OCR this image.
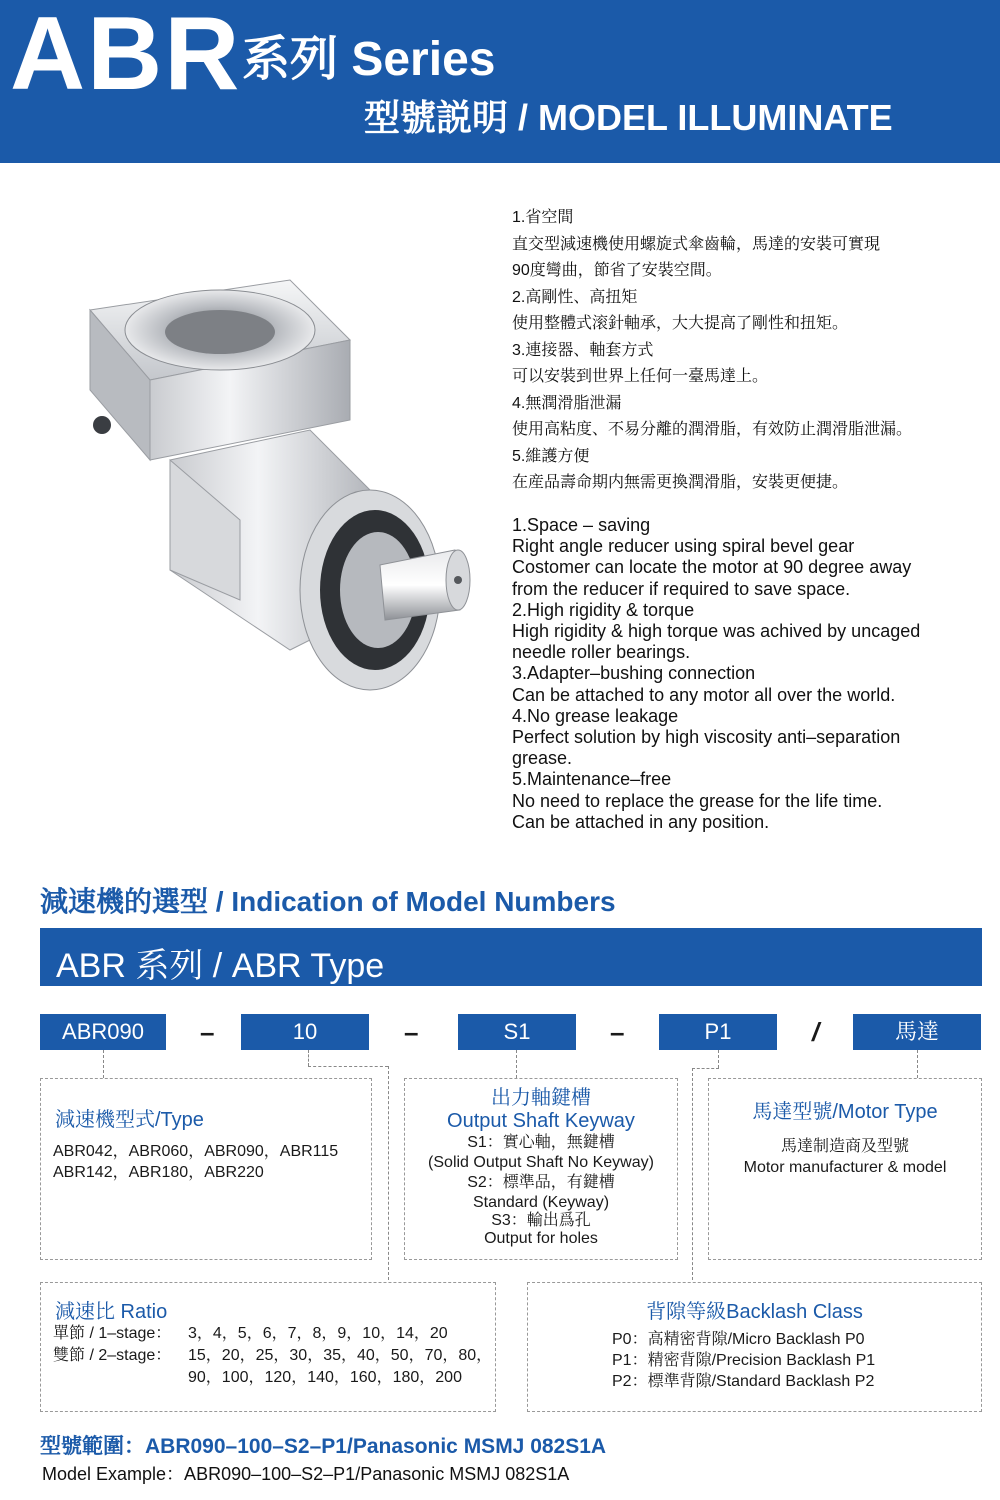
ABR 系列 Series
型號説明 / MODEL ILLUMINATE
1.省空間
直交型減速機使用螺旋式傘齒輪，馬達的安裝可實現
90度彎曲，節省了安裝空間。
2.高剛性、高扭矩
使用整體式滚針軸承，大大提高了剛性和扭矩。
3.連接器、軸套方式
可以安裝到世界上任何一臺馬達上。
4.無潤滑脂泄漏
使用高粘度、不易分離的潤滑脂，有效防止潤滑脂泄漏。
5.維護方便
在産品壽命期内無需更換潤滑脂，安裝更便捷。
1.Space – saving
Right angle reducer using spiral bevel gear
Costomer can locate the motor at 90 degree away
from the reducer if required to save space.
2.High rigidity & torque
High rigidity & high torque was achived by uncaged
needle roller bearings.
3.Adapter–bushing connection
Can be attached to any motor all over the world.
4.No grease leakage
Perfect solution by high viscosity anti–separation
grease.
5.Maintenance–free
No need to replace the grease for the life time.
Can be attached in any position.
減速機的選型 / Indication of Model Numbers
ABR 系列 / ABR Type
ABR090	–	10	–	S1	–	P1	/	馬達
減速機型式/Type
ABR042，ABR060，ABR090，ABR115
ABR142，ABR180，ABR220
出力軸鍵槽
Output Shaft Keyway
S1：實心軸，無鍵槽
(Solid Output Shaft No Keyway)
S2：標準品，有鍵槽
Standard (Keyway)
S3：輸出爲孔
Output for holes
馬達型號/Motor Type
馬達制造商及型號
Motor manufacturer & model
減速比 Ratio
單節 / 1–stage： 3，4，5，6，7，8，9，10，14，20
雙節 / 2–stage： 15，20，25，30，35，40，50，70，80，
90，100，120，140，160，180，200
背隙等級Backlash Class
P0：高精密背隙/Micro Backlash P0
P1：精密背隙/Precision Backlash P1
P2：標準背隙/Standard Backlash P2
型號範圍：ABR090–100–S2–P1/Panasonic MSMJ 082S1A
Model Example：ABR090–100–S2–P1/Panasonic MSMJ 082S1A
